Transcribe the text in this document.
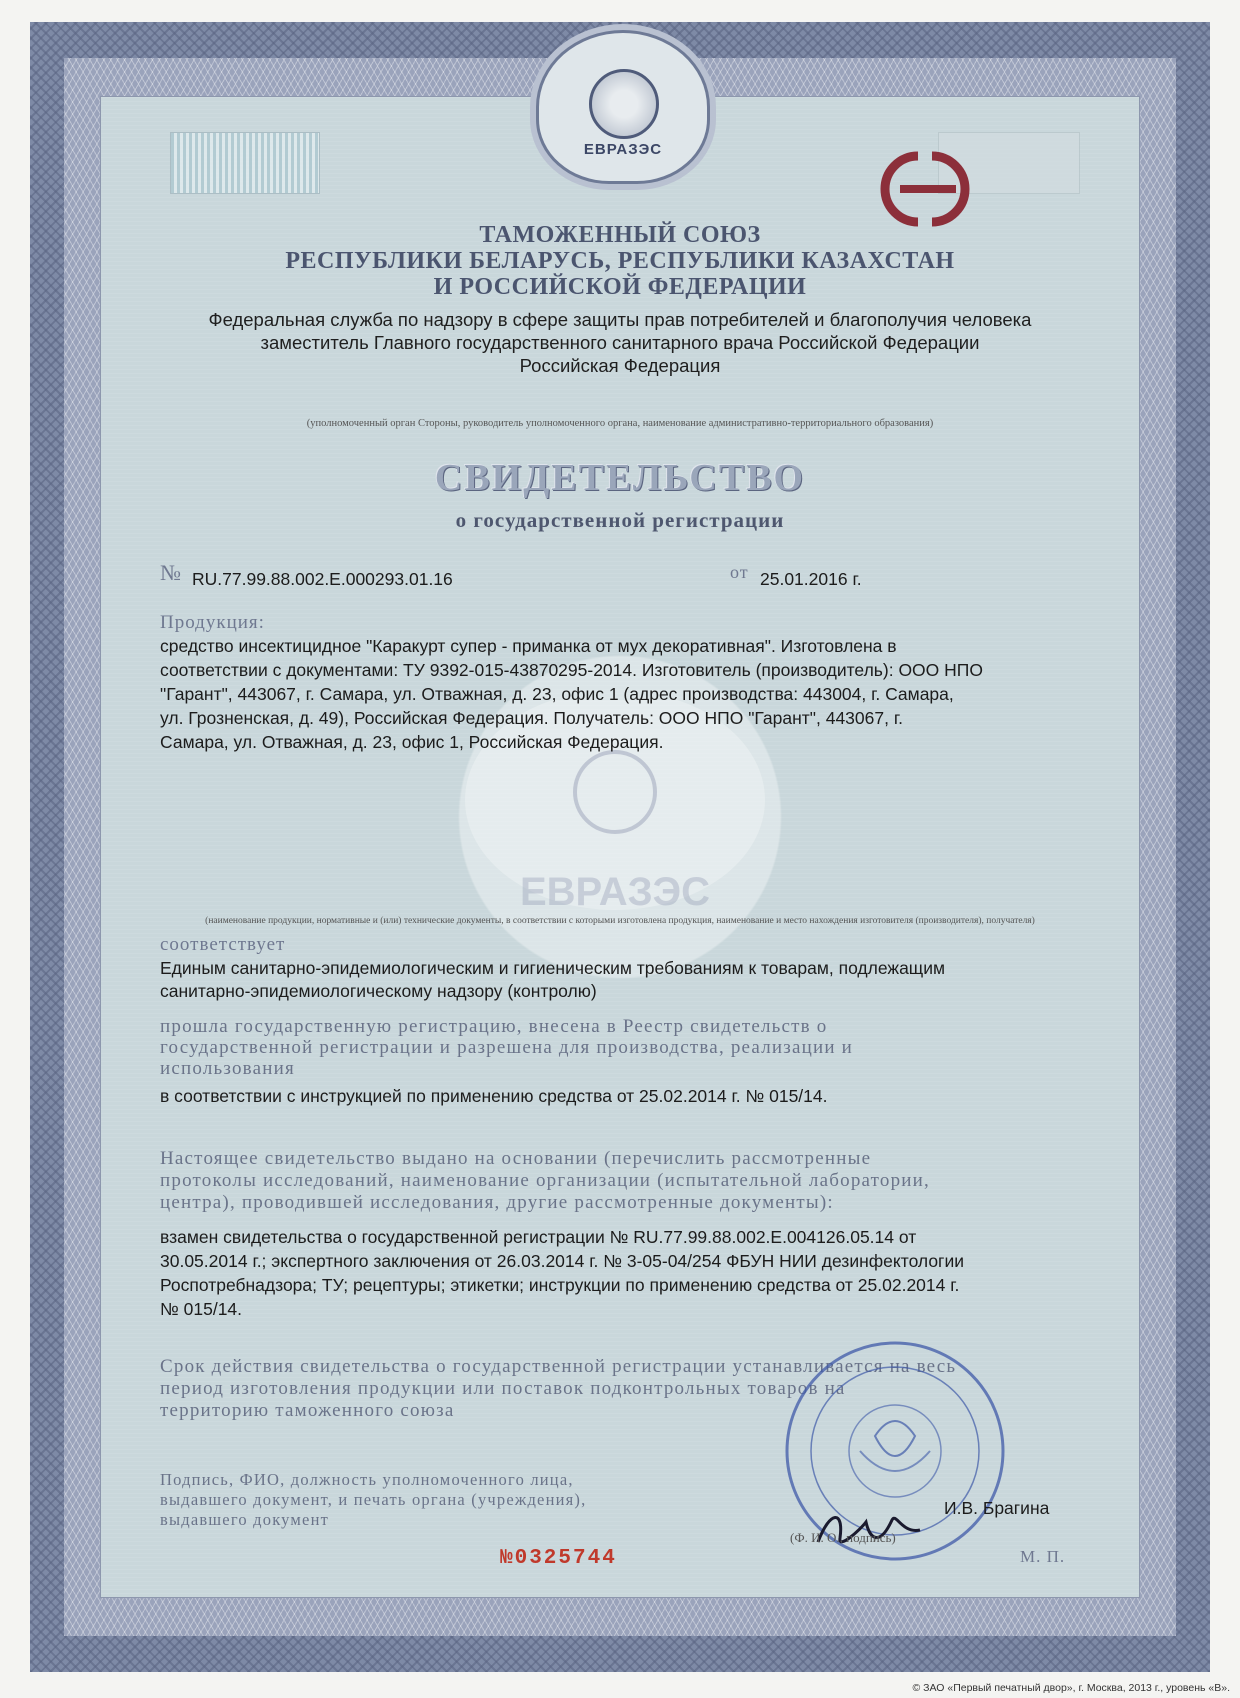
ЕВРАЗЭС
ТАМОЖЕННЫЙ СОЮЗ
РЕСПУБЛИКИ БЕЛАРУСЬ, РЕСПУБЛИКИ КАЗАХСТАН
И РОССИЙСКОЙ ФЕДЕРАЦИИ
Федеральная служба по надзору в сфере защиты прав потребителей и благополучия человека
заместитель Главного государственного санитарного врача Российской Федерации
Российская Федерация
(уполномоченный орган Стороны, руководитель уполномоченного органа, наименование административно-территориального образования)
СВИДЕТЕЛЬСТВО
о государственной регистрации
№ RU.77.99.88.002.Е.000293.01.16	от 25.01.2016 г.
ЕВРАЗЭС
Продукция:
средство инсектицидное "Каракурт супер - приманка от мух декоративная". Изготовлена в
соответствии с документами: ТУ 9392-015-43870295-2014. Изготовитель (производитель): ООО НПО
"Гарант", 443067, г. Самара, ул. Отважная, д. 23, офис 1 (адрес производства: 443004, г. Самара,
ул. Грозненская, д. 49), Российская Федерация. Получатель: ООО НПО "Гарант", 443067, г.
Самара, ул. Отважная, д. 23, офис 1, Российская Федерация.
(наименование продукции, нормативные и (или) технические документы, в соответствии с которыми изготовлена продукция, наименование и место нахождения изготовителя (производителя), получателя)
соответствует
Единым санитарно-эпидемиологическим и гигиеническим требованиям к товарам, подлежащим
санитарно-эпидемиологическому надзору (контролю)
прошла государственную регистрацию, внесена в Реестр свидетельств о
государственной регистрации и разрешена для производства, реализации и
использования
в соответствии с инструкцией по применению средства от 25.02.2014 г. № 015/14.
Настоящее свидетельство выдано на основании (перечислить рассмотренные
протоколы исследований, наименование организации (испытательной лаборатории,
центра), проводившей исследования, другие рассмотренные документы):
взамен свидетельства о государственной регистрации № RU.77.99.88.002.Е.004126.05.14 от
30.05.2014 г.; экспертного заключения от 26.03.2014 г. № 3-05-04/254 ФБУН НИИ дезинфектологии
Роспотребнадзора; ТУ; рецептуры; этикетки; инструкции по применению средства от 25.02.2014 г.
№ 015/14.
Срок действия свидетельства о государственной регистрации устанавливается на весь
период изготовления продукции или поставок подконтрольных товаров на
территорию таможенного союза
Подпись, ФИО, должность уполномоченного лица,
выдавшего документ, и печать органа (учреждения),
выдавшего документ
И.В. Брагина
(Ф. И. О., подпись)
М. П.
№0325744
© ЗАО «Первый печатный двор», г. Москва, 2013 г., уровень «В».
